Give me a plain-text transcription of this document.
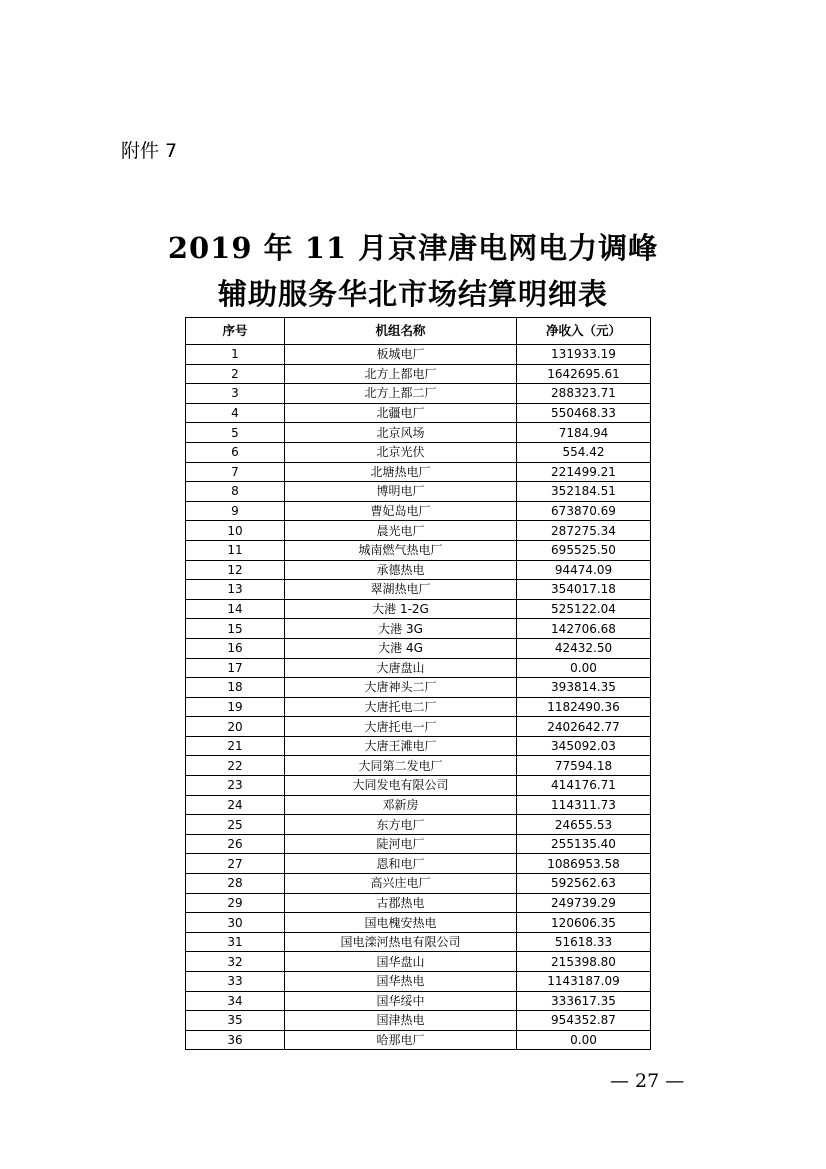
附件 7
2019 年 11 月京津唐电网电力调峰
辅助服务华北市场结算明细表
序号	机组名称	净收入（元）
1	板城电厂	131933.19
2	北方上都电厂	1642695.61
3	北方上都二厂	288323.71
4	北疆电厂	550468.33
5	北京风场	7184.94
6	北京光伏	554.42
7	北塘热电厂	221499.21
8	博明电厂	352184.51
9	曹妃岛电厂	673870.69
10	晨光电厂	287275.34
11	城南燃气热电厂	695525.50
12	承德热电	94474.09
13	翠湖热电厂	354017.18
14	大港 1-2G	525122.04
15	大港 3G	142706.68
16	大港 4G	42432.50
17	大唐盘山	0.00
18	大唐神头二厂	393814.35
19	大唐托电二厂	1182490.36
20	大唐托电一厂	2402642.77
21	大唐王滩电厂	345092.03
22	大同第二发电厂	77594.18
23	大同发电有限公司	414176.71
24	邓新房	114311.73
25	东方电厂	24655.53
26	陡河电厂	255135.40
27	恩和电厂	1086953.58
28	高兴庄电厂	592562.63
29	古郡热电	249739.29
30	国电槐安热电	120606.35
31	国电滦河热电有限公司	51618.33
32	国华盘山	215398.80
33	国华热电	1143187.09
34	国华绥中	333617.35
35	国津热电	954352.87
36	哈那电厂	0.00
— 27 —
